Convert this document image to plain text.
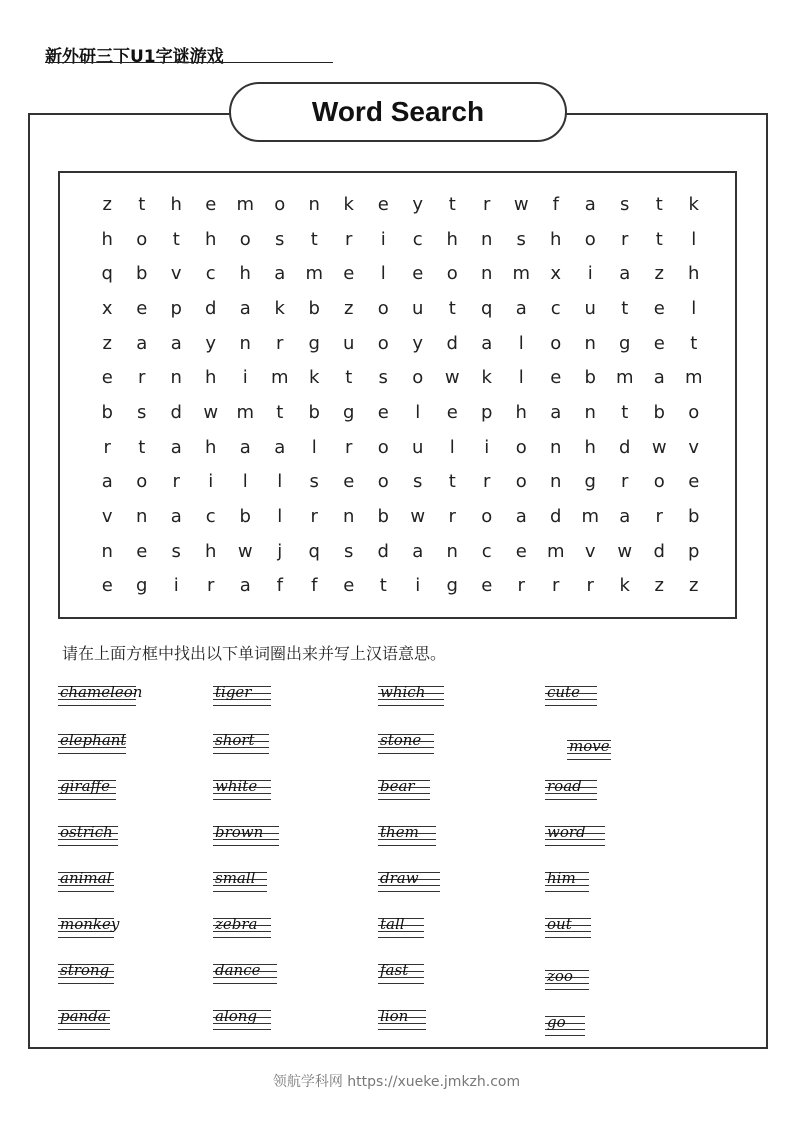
新外研三下U1字谜游戏
Word Search
z	t	h	e	m	o	n	k	e	y	t	r	w	f	a	s	t	k
h	o	t	h	o	s	t	r	i	c	h	n	s	h	o	r	t	l
q	b	v	c	h	a	m	e	l	e	o	n	m	x	i	a	z	h
x	e	p	d	a	k	b	z	o	u	t	q	a	c	u	t	e	l
z	a	a	y	n	r	g	u	o	y	d	a	l	o	n	g	e	t
e	r	n	h	i	m	k	t	s	o	w	k	l	e	b	m	a	m
b	s	d	w	m	t	b	g	e	l	e	p	h	a	n	t	b	o
r	t	a	h	a	a	l	r	o	u	l	i	o	n	h	d	w	v
a	o	r	i	l	l	s	e	o	s	t	r	o	n	g	r	o	e
v	n	a	c	b	l	r	n	b	w	r	o	a	d	m	a	r	b
n	e	s	h	w	j	q	s	d	a	n	c	e	m	v	w	d	p
e	g	i	r	a	f	f	e	t	i	g	e	r	r	r	k	z	z
请在上面方框中找出以下单词圈出来并写上汉语意思。
chameleon
elephant
giraffe
ostrich
animal
monkey
strong
panda
tiger
short
white
brown
small
zebra
dance
along
which
stone
bear
them
draw
tall
fast
lion
cute
move
road
word
him
out
zoo
go
领航学科网 https://xueke.jmkzh.com
